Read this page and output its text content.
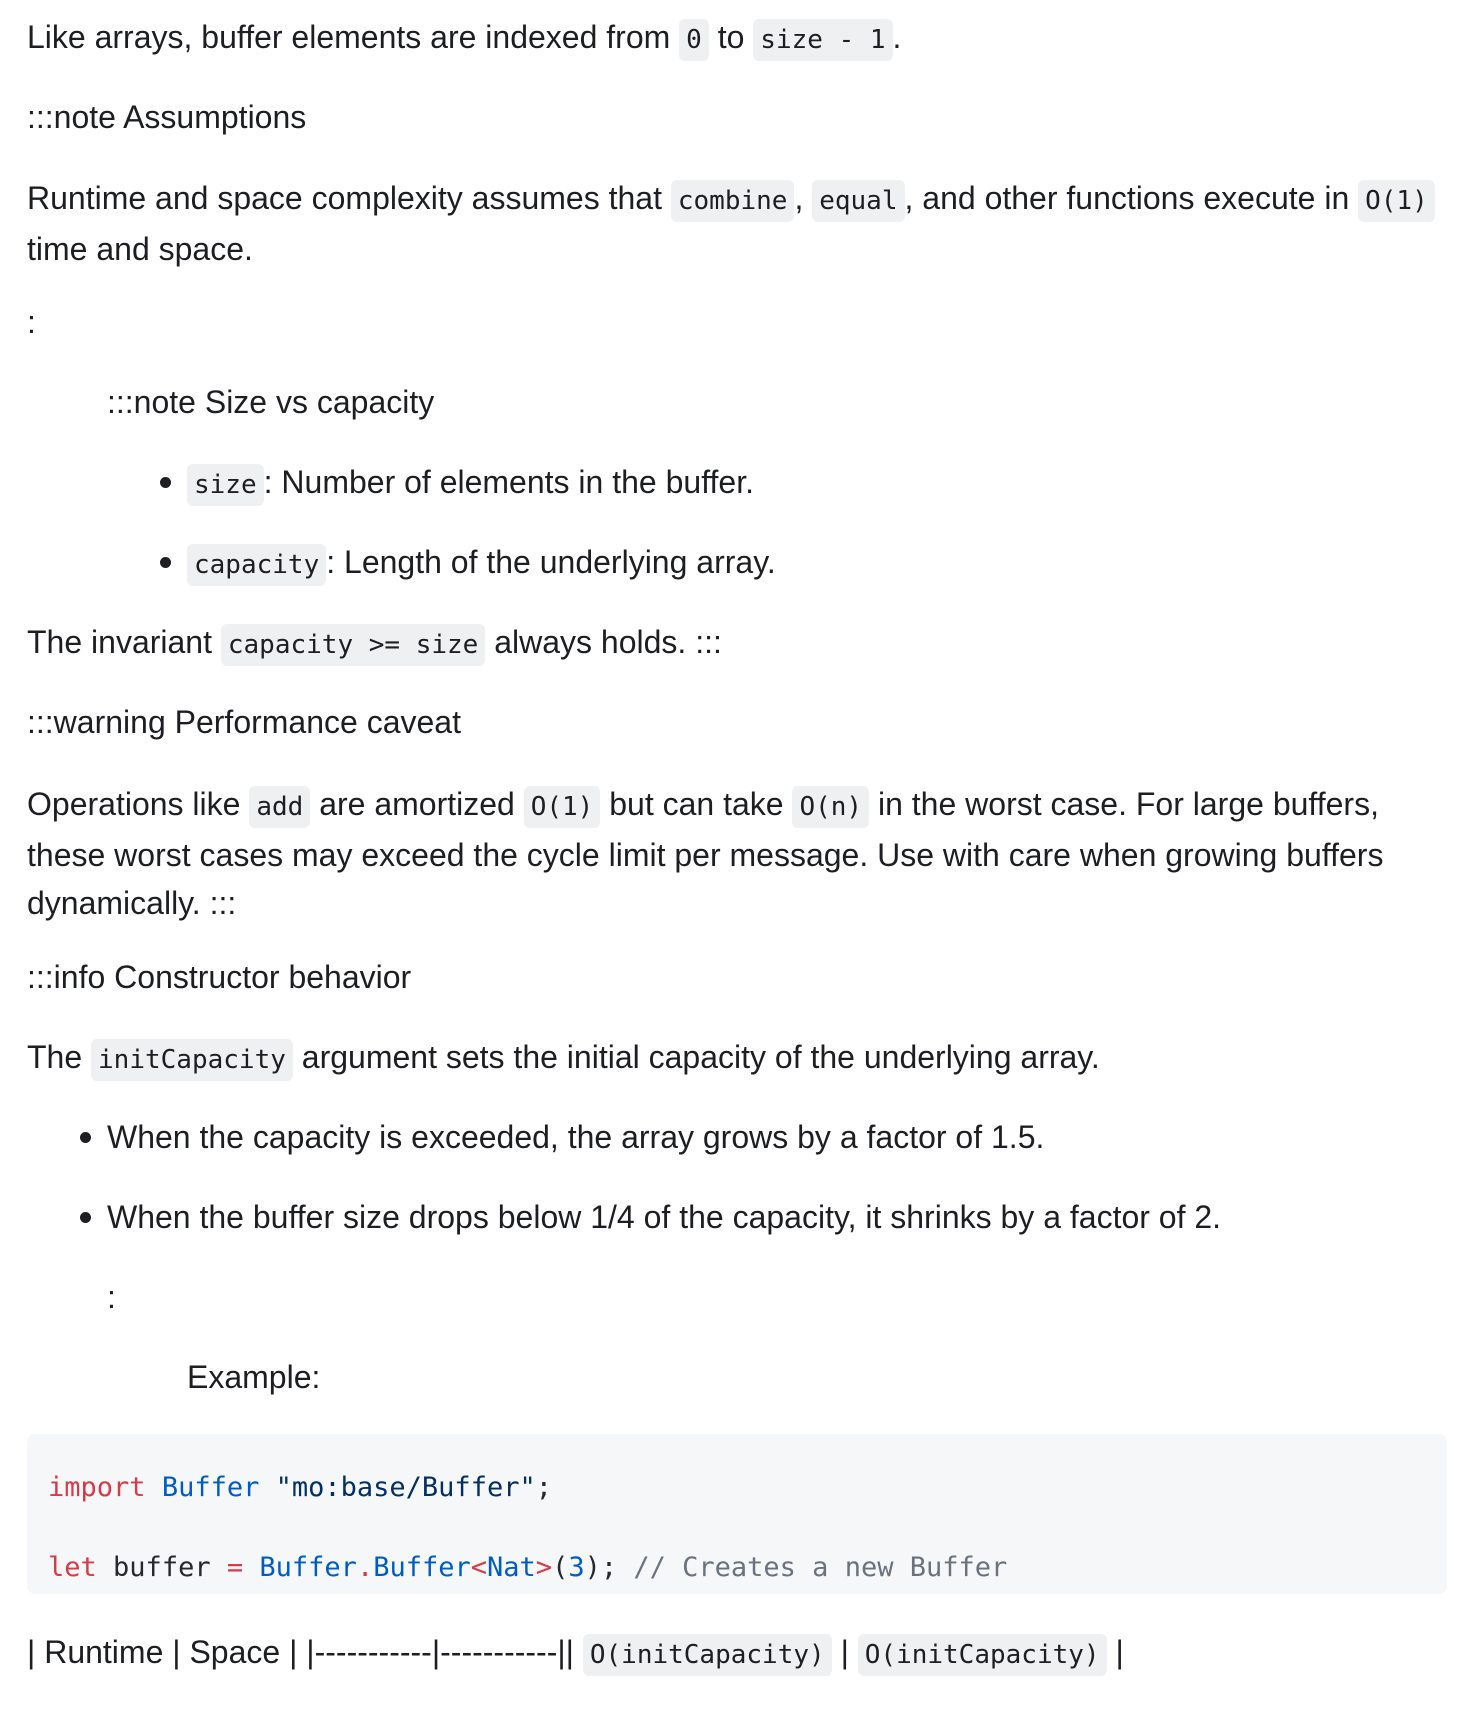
Like arrays, buffer elements are indexed from 0 to size - 1 .
:::note Assumptions
Runtime and space complexity assumes that combine , equal , and other functions execute in O(1) time and space.
:
:::note Size vs capacity
size : Number of elements in the buffer.
capacity : Length of the underlying array.
The invariant capacity >= size always holds. :::
:::warning Performance caveat
Operations like add are amortized O(1) but can take O(n) in the worst case. For large buffers, these worst cases may exceed the cycle limit per message. Use with care when growing buffers dynamically. :::
:::info Constructor behavior
The initCapacity argument sets the initial capacity of the underlying array.
When the capacity is exceeded, the array grows by a factor of 1.5.
When the buffer size drops below 1/4 of the capacity, it shrinks by a factor of 2.
:
Example:
import Buffer "mo:base/Buffer";
let buffer = Buffer.Buffer<Nat>(3); // Creates a new Buffer
| Runtime | Space | |-----------|-----------|| O(initCapacity) | O(initCapacity) |
